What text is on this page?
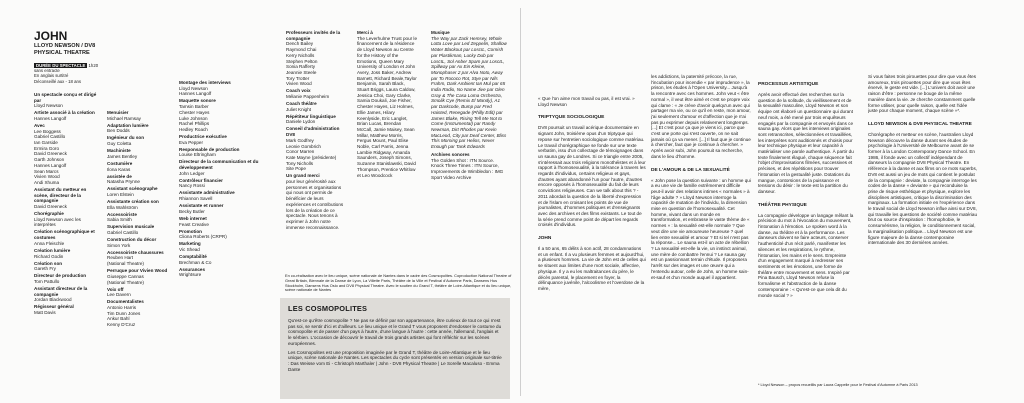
JOHN
LLOYD NEWSON / DV8 PHYSICAL THEATRE
DURÉE DU SPECTACLE 1h20 sans entracte
En anglais surtitré
Déconseillé aux - 18 ans
Un spectacle conçu et dirigé par
Lloyd Newson
Artiste associé à la création
Hannes Langolf
Avec
Lee Boggess
Gabriel Castillo
Ian Garside
Ermira Goro
David Greeneck
Garth Johnson
Hannes Langolf
Sean Marcs
Vivien Wood
Andi Xhuma
Assistant du metteur en scène, directeur de la compagnie
David Greeneck
Chorégraphie
Lloyd Newson avec les interprètes
Création scénographique et costumes
Anna Fleischle
Création lumière
Richard Godin
Création son
Gareth Fry
Directeur de production
Tom Pattullo
Assistant directeur de la compagnie
Jordan Blackwood
Régisseur général
Matt Davis
Menuisier
Michael Ramsay
Adaptation lumière
Ben Dodds
Ingénieur du son
Guy Coletta
Machiniste
James Bentley
Costumière
Ilona Karas
assistée de
Natasha Prynne
Assistant scénographe
Loren Elstein
Assistante création son
Ella Wahlström
Accessoiriste
Sabia Smith
Supervision musicale
Gabriel Castillo
Construction du décor
Simon York
Accessoiriste chaussures
Reuben Hart
(National Theatre)
Perruque pour Vivien Wood
Giuseppe Cannas
(National Theatre)
Voix off
Lee Davern
Documentalistes
Antonio Harris
Tim Dunn Jones
Ankur Bahl
Kenny D'Cruz
Montage des interviews
Lloyd Newson
Hannes Langolf
Maquette sonore
Tamsin Barber
Chester Hayes
Luke Johnson
Rachel Phillips
Hedley Roach
Productrice exécutive
Eva Pepper
Responsable de production
Louise Eltringham
Directeur de la communication et du développement
John Ledger
Contrôleur financier
Nancy Rossi
Assistante administrative
Rhiannon Savell
Assistante et runner
Becky Butler
Web internet
Feast Creative
Promotion
Cliona Roberts (CRPR)
Marketing
Vic Shead
Comptabilité
Brechman & Co
Assurances
Wrightsure
Professeurs invités de la compagnie
Dench Bailey
Raymond Chai
Kerry Nicholls
Stephen Pelton
Sonia Rafferty
Jeannie Steele
Tory Trotter
Vivien Wood
Coach voix
Mélanie Pappenheim
Coach théâtre
Juliet Knight
Répétiteur linguistique
Daniele Lydon
Conseil d'administration DV8
Mark Godfrey
Leonie Gombrich
Conor Marren
Kate Mayne (présidente)
Tony Nicholls
Site Pope
Un grand merci
pour leur générosité aux personnes et organisations qui nous ont permis de bénéficier de leurs expériences et contributions lors de la création de ce spectacle. Nous tenons à exprimer à John notre immense reconnaissance.
Merci à

The Leverhulme Trust pour le financement de la résidence de Lloyd Newson au Centre for the History of the Emotions, Queen Mary University of London et John Avery, Joss Baker, Andrew Barnett, Richard Beale,Taylor Benjamin, Sarah Black, Stuart Briggs, Laura Caldow, Jessica Choi, Gary Clarke, Samia Doukali, Joe Fisher, Chester Hayes, Liz Holmes, Ellie James, Hilary Keenlyside, Eric Langlet, Brian Lucas, Brendan McCall, Jamie Maisey, Sean Millar, Matthew Morris, Fergus Mount, Paul Elise Noble, Carl Parris, Jenna Lambie Ridgway, Amanda Saunders, Joseph Simons, Suzanne Stanislawski, David Thompson, Prentice Whitlow et Leo Woodcock

Musique

The Way par Zack Hemsey, Whole Lotta Love par Led Zeppelin, Shallow Water Blackout par LoscIL, Cornish par Plastikman, Lucky Dub par LoscIL, Sol Anber Spam par LoscIL, Spillway par Ax Ein Kleine, Monophaser 2 par Alva Noto, Away par To Rococo Rot, Stye par Nils Frahm, Dark Ambient Ian Mul par 65 India Radio, No Name Jive par Glen Gray & The Casa Loma Orchestra, Smolik Cye (Remix El Mandy), A1 par Darkcode, Bump par Fred Haisted, Renegade (Philly Edit) par James Blake, Rising Tell Me Not to Come (Instrumental) par Randy Newman, Dirt Rhodes par Kevin MacLeod, City par Deaf Center, Bliss This Morning par Helios, Never Enough par Tank Edwards

Archives sonores

The Golden Shot : ITN Source. Knock Three Times : ITN Source, Improvements de Wimbledon : IMG Sport Video Archive

En co-réalisation avec le lieu unique, scène nationale de Nantes dans le cadre des Cosmopolites. Coproduction National Theatre of Great Britain, Biennale de la Danse de Lyon, La Villette Paris, Théâtre de la Ville et Festival d'Automne Paris, Dansens Hus Stockholm, Dansens Hus Oslo and DV8 Physical Theatre. Avec le soutien du Grand T, théâtre de Loire-Atlantique et du lieu unique, scène nationale de Nantes
LES COSMOPOLITES

Qu'est-ce qu'être cosmopolite ? Ne pas se définir par son appartenance, être curieux de tout ce qui n'est pas soi, se sentir d'ici et d'ailleurs. Le lieu unique et le Grand T vous proposent d'endosser le costume du cosmopolite et de passer d'un pays à l'autre, d'une langue à l'autre : cette année, l'allemand, l'anglais et le sérbien. L'occasion de découvrir le travail de trois grands artistes qui font réfléchir sur les scènes européennes.

Les Cosmopolites est une proposition imaginée par le Grand T, théâtre de Loire-Atlantique et le lieu unique, scène nationale de Nantes. Les spectacles du cycle sont présentés en version originale sur-titrée : Das Weisse vom Ei - Christoph Marthaler | John - DV8 Physical Theatre | Le Sorelle Macaluso - Emma Dante

« Que l'on aime mon travail ou pas, il est vrai. » Lloyd Newson

TRIPTYQUE SOCIOLOGIQUE

DV8 poursuit un travail acérique documentaire en signant John, troisième opus d'un triptyque qui repose sur l'entretien sociologique comme matériau. Le travail chorégraphique se fonde sur une texte verbatim, issu d'un collectage de témoignages dans un sauna gay de Londres. Si ce triangle entre 2005, s'intéressait aux trois religions monothéistes et à leur rapport à l'homosexualité, à la tolérance à travers les regards d'individus, certains religieux et gays, d'autres ayant abandonné l'un pour l'autre, d'autres encore opposés à l'homosexualité du fait de leurs convictions religieuses. Can we talk about this ? - 2011 abordait la question de la liberté d'expression et de l'islam en croisant les points de vue de journalistes, d'hommes politiques et d'enseignants avec des archives et des films existants. Le tout de la série prend comme point de départ les regards croisés d'individus.

JOHN

Il a 50 ans, 65 délits à son actif, 28 condamnations et un enfant. Il a vu plusieurs femmes et aujourd'hui, a plusieurs hommes. La vie de John est de celles qui se situent aux limites d'une mort sociale, affective, physique. Il y a eu les maltraitances du père, le décès parental, le placement en foyer, la délinquance juvénile, l'alcoolisme et l'overdose de la mère,

les addictions, la paternité précoce, la rue, l'incubation pour incendie « par imprudence », la prison, les études à l'Open University... Jusqu'à la rencontre avec ces hommes. John veut « être normal », il veut être aimé et c'est se propre voix qui clame : « Je crève d'avoir quelqu'un avec qui partager ma vie, ou ce qu'il en reste, mon amour, j'ai seulement d'amour et d'affection que je n'ai pas pu exprimer depuis relativement longtemps. [...] Et c'est pour ça que je viens ici, parce que c'est une porte qui s'est ouverte, on ne sait jamais où ça va mener. [...] Il faut que je continue à chercher, faut que je continue à chercher. » Après avoir subi, John poursuit sa recherche, dans le lieu d'homme.

DE L'AMOUR & DE LA SEXUALITÉ

« John pose la question suivante : un homme qui a eu une vie de famille extrêmement difficile peut-il avoir des relations intimes « normales » à l'âge adulte ? » Lloyd Newson interroge la capacité de mutation de l'individu, la dimension mise en question de l'homosexualité. Cet homme, vivant dans un monde en transformation, et embrasse le vaste thème de « normes » : la sexualité est-elle normale ? Que veut dire une vie amoureuse heureuse ? quel lien entre sexualité et amour ? Et si tel n'est pas la réponse... Le sauna est-il un acte de rébellion ? La sexualité est-elle la vie, un instinct animal, une mère de combattre l'ennui ? Le sauna gay est un passionnant terrain d'étude. Il proposera l'arrêt sur des images et une œuvre qui a l'entendu autour, celle de John, un homme sain-et-sauf et d'un monde auquel il appartient.

PROCESSUS ARTISTIQUE

Après avoir effectué des recherches sur la question de la solitude, du vieillissement et de la sexualité masculine, Lloyd Newson et son équipe ont élaboré un questionnaire qui durant neuf mois, a été mené par trois enquêteurs engagés par la compagnie et envoyés dans ce sauna gay. Alors que les interviews originales sont retranscrites, sélectionnées et travaillées, les interprètes sont auditionnés et choisis pour leur technique physique et leur capacité à matérialiser une parole authentique. À partir du texte finalement élagué, chaque séquence fait l'objet d'improvisations filmées, successives et précises, et des répétitions pour trouver l'intonation et la gestualité juste. Dotations du mangue, contorsions de la puissance et tensions du désir : le texte est la partition du danseur.

THÉÂTRE PHYSIQUE

La compagnie développe un langage mêlant la précision du mot à l'évocation du mouvement, l'intonation à l'émotion. Le spoken word à la danse, au théâtre et à la performance. Les danseurs doivent se faire acteurs, conserver l'authenticité d'un récit parlé, manifester les silences et les respirations, le rythme, l'intonation, les mains et le sens. Empreinte d'un engagement marqué à redresser ses sentiments et les émotions, une forme de théâtre entre mouvement et sens. Inspiré par Pina Bausch, Lloyd Newson refuse la formalisme et l'abstraction de la danse contemporaine : « Qu'est-ce que cela dit du monde social ? »

Si vous faites trois pirouettes pour dire que vous êtes amoureux, trois pirouettes pour dire que vous êtes énervé, le geste est vide. [...] L'univers doit avoir une raison d'être : personne ne bouge de la même manière dans la vie. Je cherche constamment quelle forme utiliser, pour quelle raison, quelle est l'idée juste pour chaque moment, chaque scène »*.

LLOYD NEWSON & DV8 PHYSICAL THEATRE

Chorégraphe et metteur en scène, l'australien Lloyd Newson découvre la danse durant ses études de psychologie à l'Université de Melbourne avant de se former à la London Contemporary Dance School. En 1986, il fonde avec un collectif indépendant de danseurs la compagnie DV8 Physical Theatre. En référence à la danse et aux films on ce mots superbs, DV8 est aussi un jeu de mots qui contient le postulat de la compagnie : deviate, la compagnie interroge les codes de la danse « deviante » qui reconduise la prise de risque esthétique et physique, explore les disciplines artistiques, critique la discrimination des marginaux. La formation initiale en l'expérience dans le travail social de Lloyd Newson influe ainsi sur DV8, qui travaille les questions de société comme matériau brut ou source d'inspiration : l'homophobie, le consumérisme, la religion, le conditionnement social, la marginalisation politique... Lloyd Newson est une figure majeure de la danse contemporaine internationale des 30 dernières années.

* Lloyd Newson – propos recueillis par Laura Cappelle pour le Festival d'Automne à Paris 2013
